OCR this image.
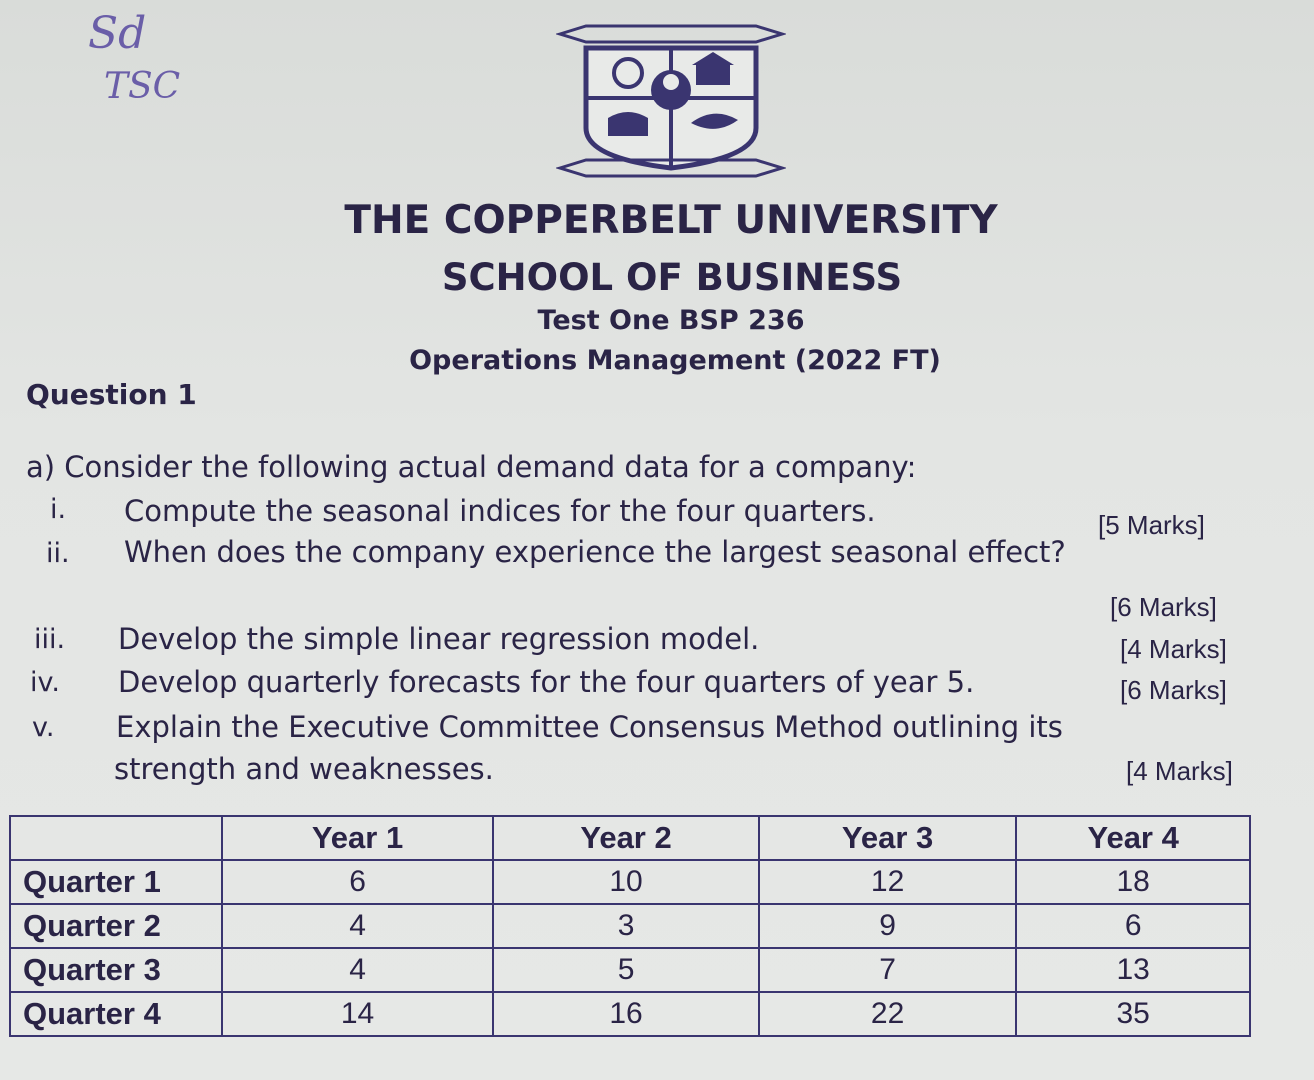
Sd
TSC
THE COPPERBELT UNIVERSITY
SCHOOL OF BUSINESS
Test One BSP 236
Operations Management (2022 FT)
Question 1
a) Consider the following actual demand data for a company:
i. Compute the seasonal indices for the four quarters.	[5 Marks]
ii. When does the company experience the largest seasonal effect?
[6 Marks]
iii. Develop the simple linear regression model.	[4 Marks]
iv. Develop quarterly forecasts for the four quarters of year 5.	[6 Marks]
v. Explain the Executive Committee Consensus Method outlining its
strength and weaknesses.	[4 Marks]
	Year 1	Year 2	Year 3	Year 4
Quarter 1	6	10	12	18
Quarter 2	4	3	9	6
Quarter 3	4	5	7	13
Quarter 4	14	16	22	35
